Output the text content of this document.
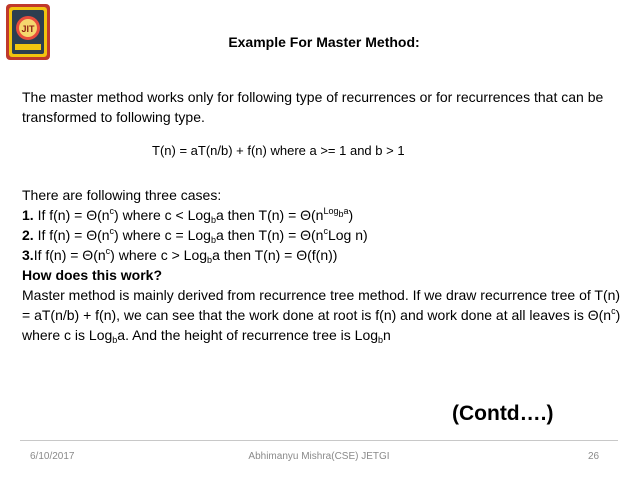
JIT
Example For Master Method:
The master method works only for following type of recurrences or for recurrences that can be transformed to following type.
T(n) = aT(n/b) + f(n) where a >= 1 and b > 1
There are following three cases:
1. If $f(n) = \Theta(n^c)$ where c < Log$_b$a then $T(n) = \Theta(n^{Log_ba})$
2. If $f(n) = \Theta(n^c)$ where c = Log$_b$a then $T(n) = \Theta(n^cLog$ n)
3.If $f(n) = \Theta(n^c)$ where c > Log$_b$a then T(n) = Θ(f(n))
How does this work?
Master method is mainly derived from recurrence tree method. If we draw recurrence tree of T(n) = aT(n/b) + f(n), we can see that the work done at root is f(n) and work done at all leaves is $\Theta(n^c)$ where c is Log$_b$a. And the height of recurrence tree is Log$_b$n
(Contd….)
6/10/2017	Abhimanyu Mishra(CSE) JETGI	26
